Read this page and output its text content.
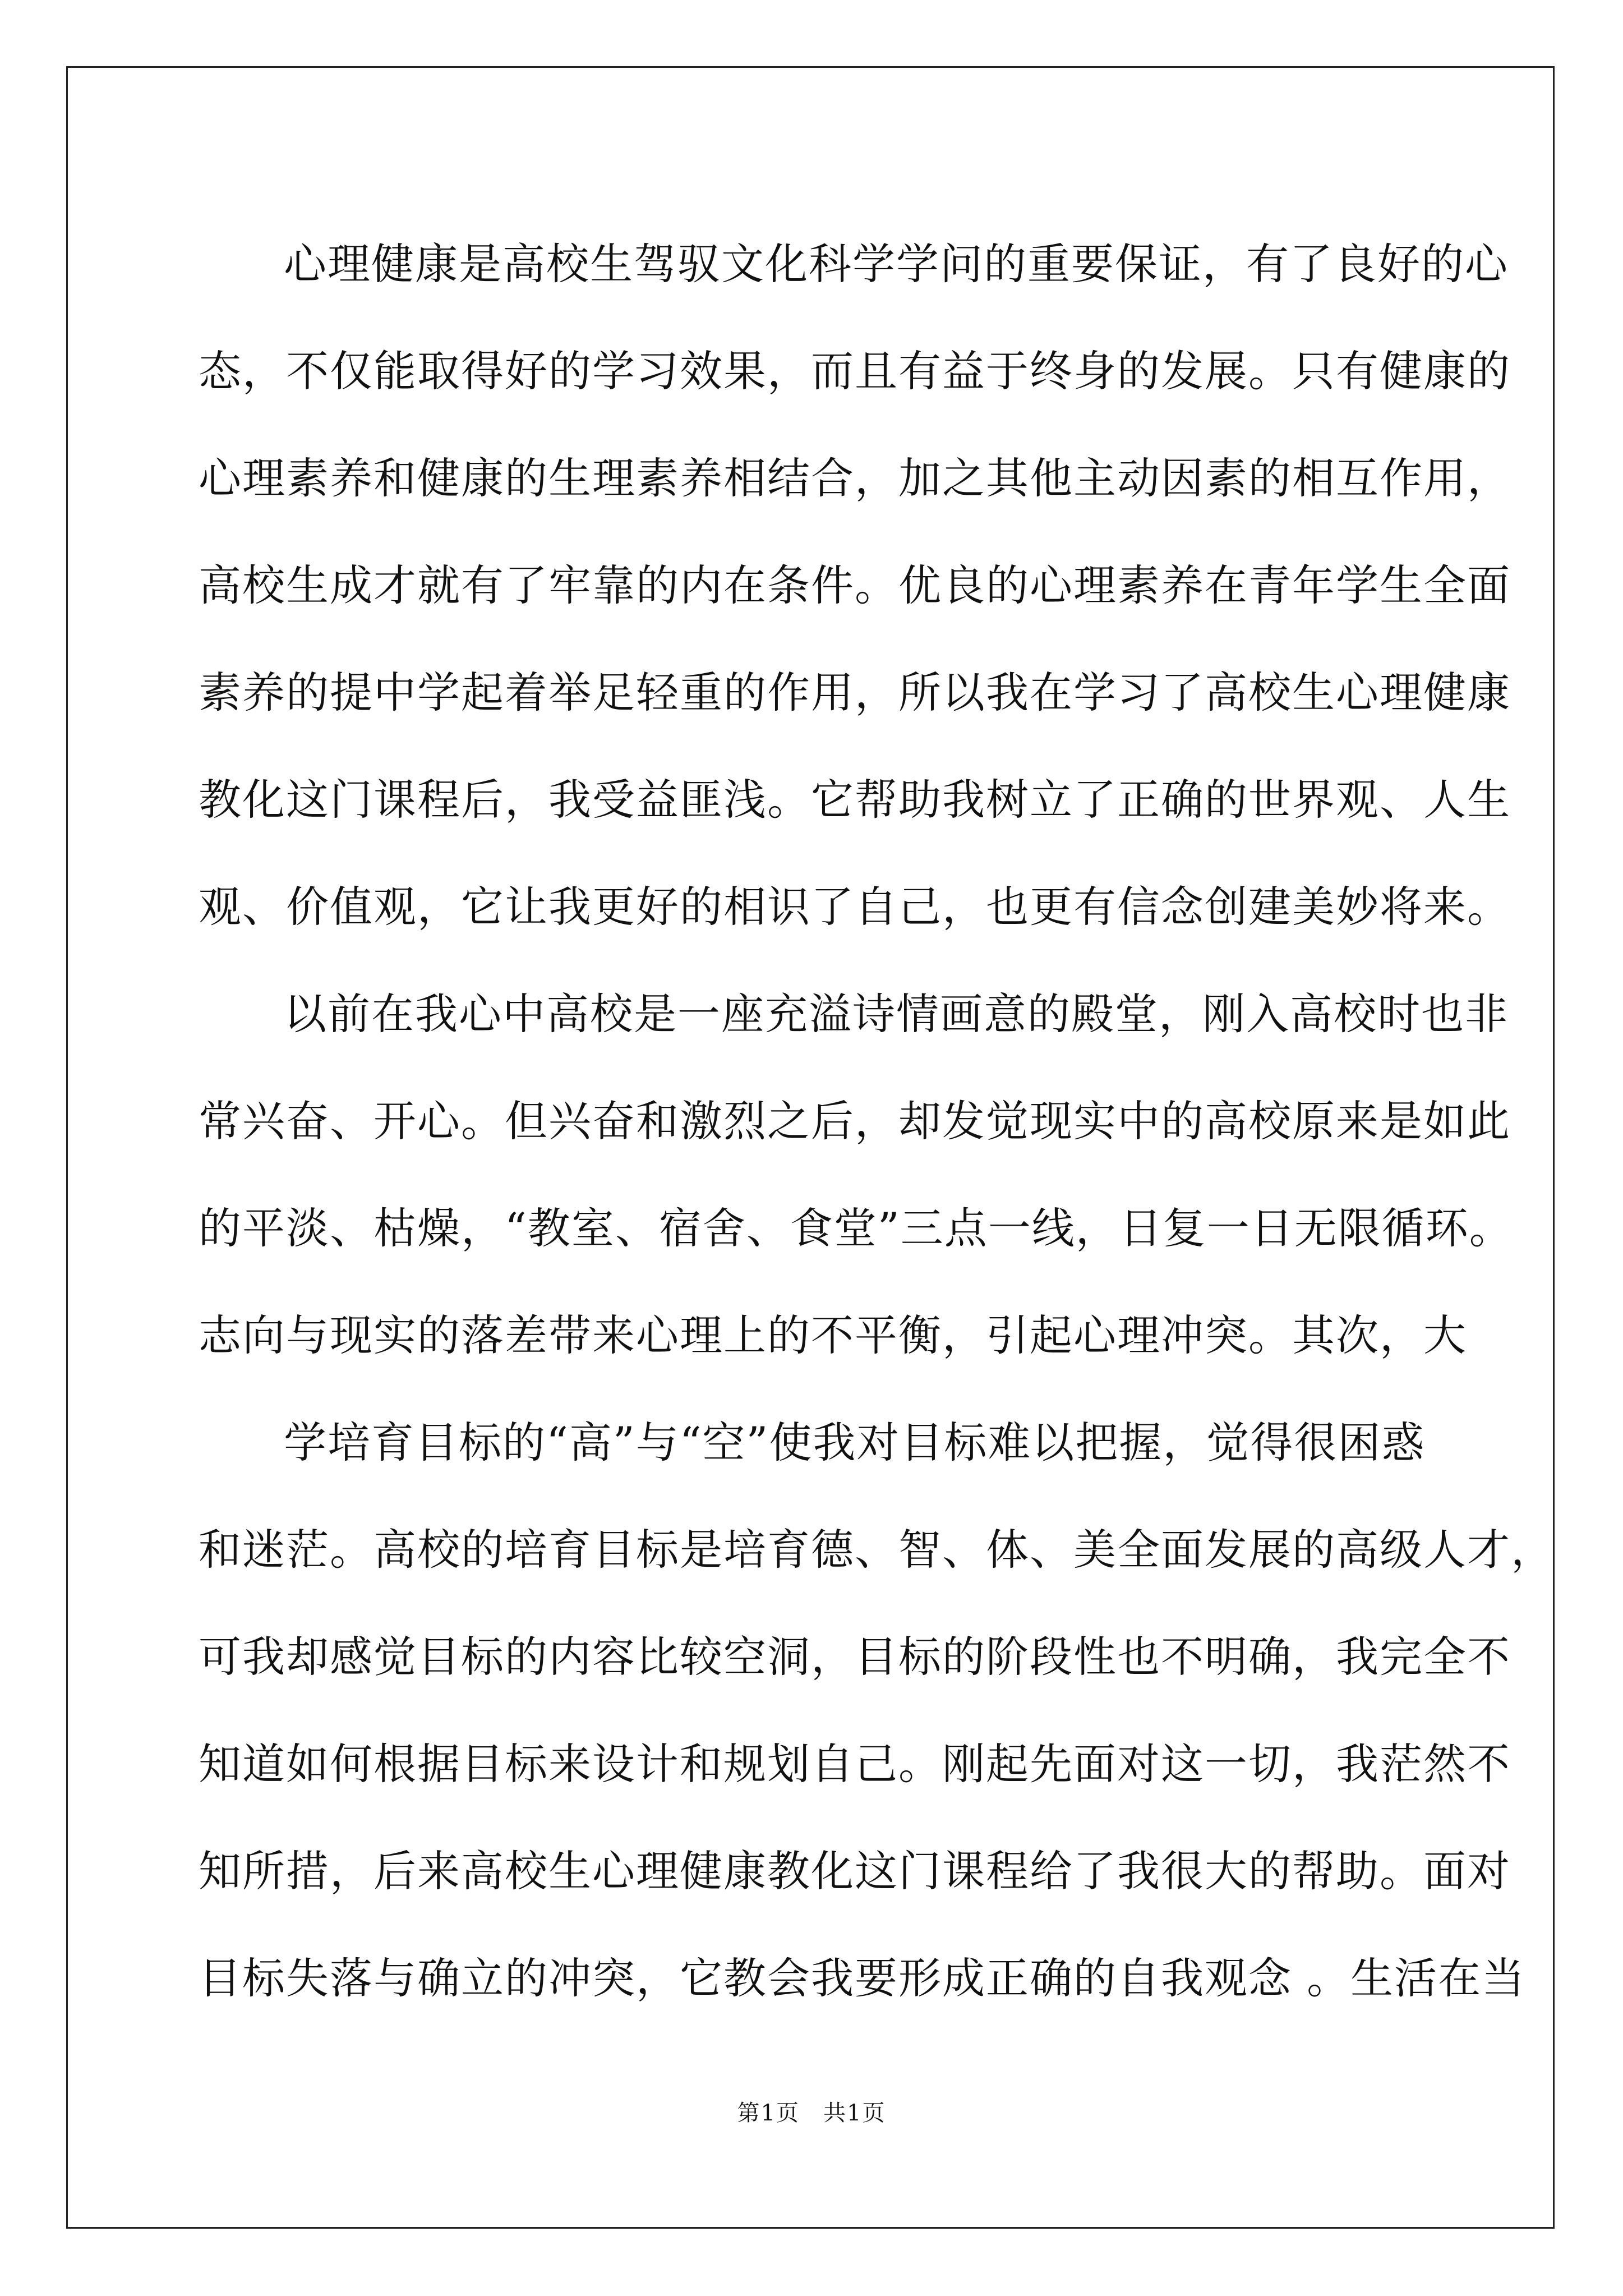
心理健康是高校生驾驭文化科学学问的重要保证，有了良好的心
态，不仅能取得好的学习效果，而且有益于终身的发展。只有健康的
心理素养和健康的生理素养相结合，加之其他主动因素的相互作用，
高校生成才就有了牢靠的内在条件。优良的心理素养在青年学生全面
素养的提中学起着举足轻重的作用，所以我在学习了高校生心理健康
教化这门课程后，我受益匪浅。它帮助我树立了正确的世界观、人生
观、价值观，它让我更好的相识了自己，也更有信念创建美妙将来。
以前在我心中高校是一座充溢诗情画意的殿堂，刚入高校时也非
常兴奋、开心。但兴奋和激烈之后，却发觉现实中的高校原来是如此
的平淡、枯燥，“教室、宿舍、食堂”三点一线，日复一日无限循环。
志向与现实的落差带来心理上的不平衡，引起心理冲突。其次，大
学培育目标的“高”与“空”使我对目标难以把握，觉得很困惑
和迷茫。高校的培育目标是培育德、智、体、美全面发展的高级人才，
可我却感觉目标的内容比较空洞，目标的阶段性也不明确，我完全不
知道如何根据目标来设计和规划自己。刚起先面对这一切，我茫然不
知所措，后来高校生心理健康教化这门课程给了我很大的帮助。面对
目标失落与确立的冲突，它教会我要形成正确的自我观念 。生活在当
第1页　共1页
